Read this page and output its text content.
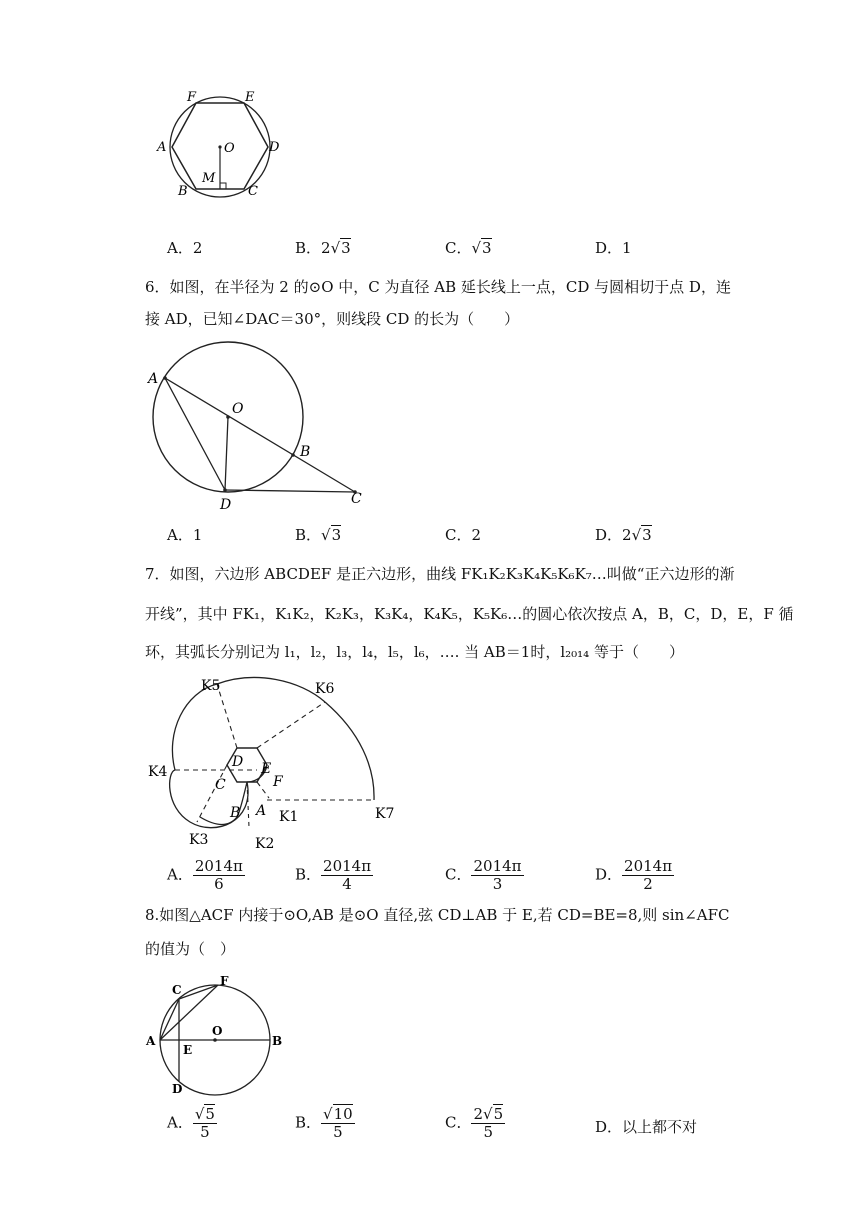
F	E
A	O	D
M
B	C
A．2	B．2√3	C．√3	D．1
6．如图，在半径为 2 的⊙O 中，C 为直径 AB 延长线上一点，CD 与圆相切于点 D，连
接 AD，已知∠DAC＝30°，则线段 CD 的长为（　　）
A
O
B
D	C
A．1	B．√3	C．2	D．2√3
7．如图，六边形 ABCDEF 是正六边形，曲线 FK₁K₂K₃K₄K₅K₆K₇…叫做“正六边形的渐
开线”，其中 FK₁，K₁K₂，K₂K₃，K₃K₄，K₄K₅，K₅K₆…的圆心依次按点 A，B，C，D，E，F 循
环，其弧长分别记为 l₁，l₂，l₃，l₄，l₅，l₆，…. 当 AB＝1时，l₂₀₁₄ 等于（　　）
K5	K6
K4
D E
C	F
B A K1	K7
K3	K2
A． $\frac{2014\pi}{6}$	B． $\frac{2014\pi}{4}$	C． $\frac{2014\pi}{3}$	D． $\frac{2014\pi}{2}$
8.如图△ACF 内接于⊙O,AB 是⊙O 直径,弦 CD⊥AB 于 E,若 CD=BE=8,则 sin∠AFC
的值为（　）
C
F
A
O
B
E
D
A． $\frac{√5}{5}$	B． $\frac{√10}{5}$	C． $\frac{2√5}{5}$	D．以上都不对
